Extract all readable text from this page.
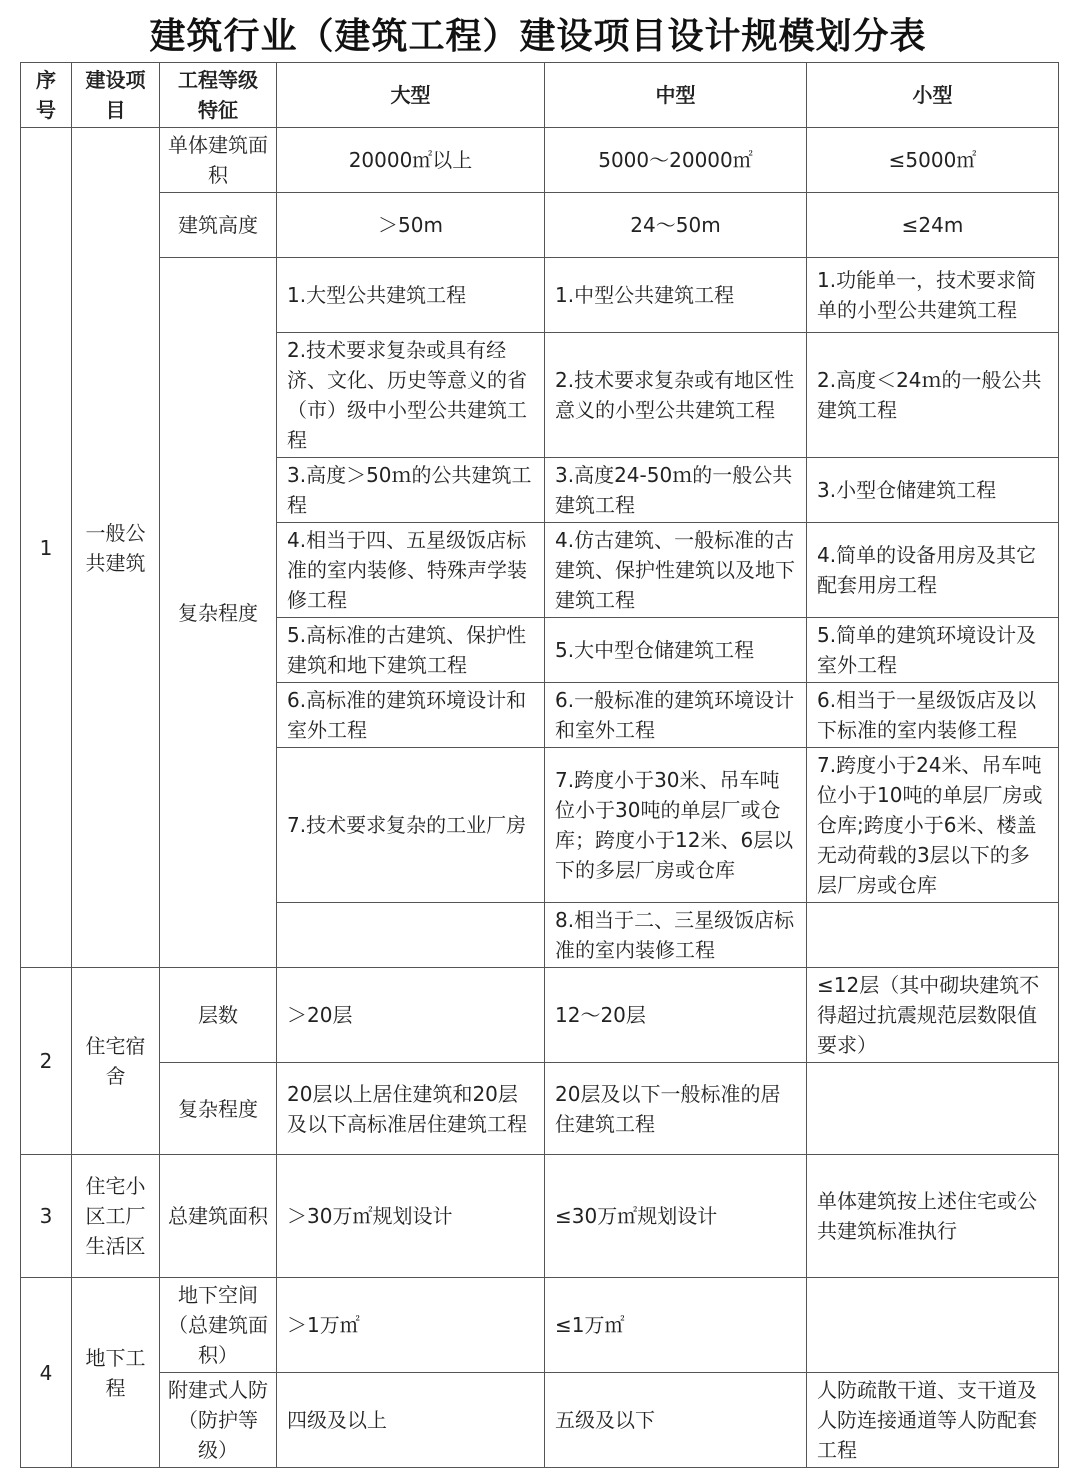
建筑行业（建筑工程）建设项目设计规模划分表
序号	建设项目	工程等级特征	大型	中型	小型
1	一般公共建筑	单体建筑面积	20000㎡以上	5000～20000㎡	≤5000㎡
		建筑高度	＞50m	24～50m	≤24m
		复杂程度	1.大型公共建筑工程	1.中型公共建筑工程	1.功能单一，技术要求简单的小型公共建筑工程
			2.技术要求复杂或具有经济、文化、历史等意义的省（市）级中小型公共建筑工程	2.技术要求复杂或有地区性意义的小型公共建筑工程	2.高度＜24ｍ的一般公共建筑工程
			3.高度＞50ｍ的公共建筑工程	3.高度24-50ｍ的一般公共建筑工程	3.小型仓储建筑工程
			4.相当于四、五星级饭店标准的室内装修、特殊声学装修工程	4.仿古建筑、一般标准的古建筑、保护性建筑以及地下建筑工程	4.简单的设备用房及其它配套用房工程
			5.高标准的古建筑、保护性建筑和地下建筑工程	5.大中型仓储建筑工程	5.简单的建筑环境设计及室外工程
			6.高标准的建筑环境设计和室外工程	6.一般标准的建筑环境设计和室外工程	6.相当于一星级饭店及以下标准的室内装修工程
			7.技术要求复杂的工业厂房	7.跨度小于30米、吊车吨位小于30吨的单层厂或仓库；跨度小于12米、6层以下的多层厂房或仓库	7.跨度小于24米、吊车吨位小于10吨的单层厂房或仓库;跨度小于6米、楼盖无动荷载的3层以下的多层厂房或仓库
				8.相当于二、三星级饭店标准的室内装修工程	
2	住宅宿舍	层数	＞20层	12～20层	≤12层（其中砌块建筑不得超过抗震规范层数限值要求）
		复杂程度	20层以上居住建筑和20层及以下高标准居住建筑工程	20层及以下一般标准的居住建筑工程	
3	住宅小区工厂生活区	总建筑面积	＞30万㎡规划设计	≤30万㎡规划设计	单体建筑按上述住宅或公共建筑标准执行
4	地下工程	地下空间（总建筑面积）	＞1万㎡	≤1万㎡	
		附建式人防（防护等级）	四级及以上	五级及以下	人防疏散干道、支干道及人防连接通道等人防配套工程
